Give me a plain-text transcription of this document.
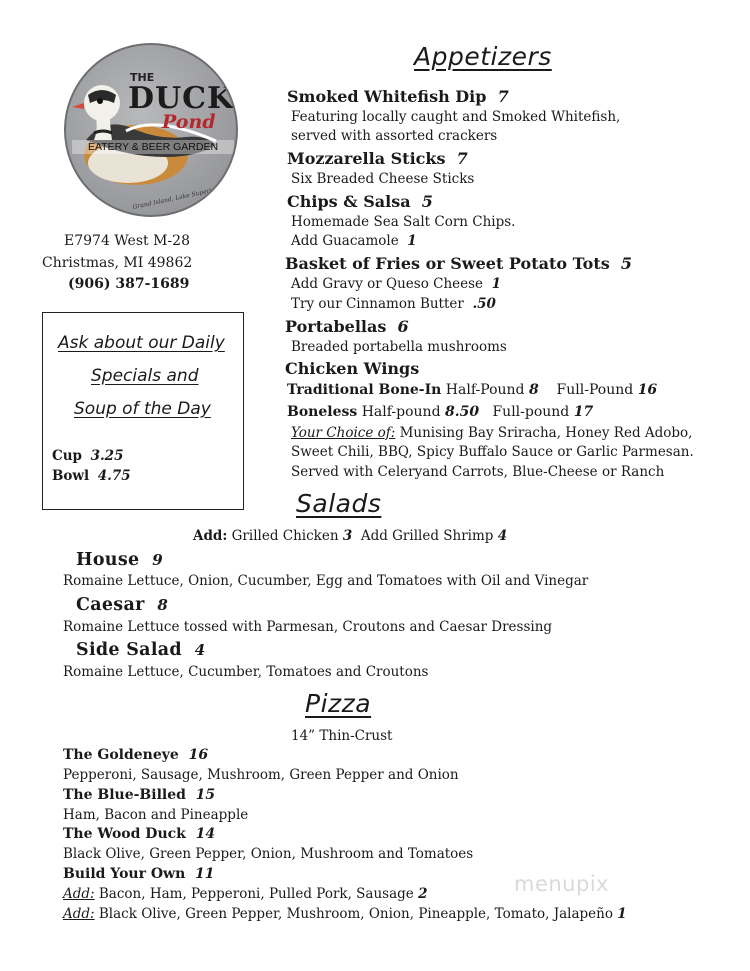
THE
DUCK
Pond
EATERY & BEER GARDEN
Grand Island, Lake Superior
E7974 West M-28
Christmas, MI 49862
(906) 387-1689
Ask about our Daily
Specials and
Soup of the Day
Cup 3.25
Bowl 4.75
Appetizers
Smoked Whitefish Dip 7
Featuring locally caught and Smoked Whitefish,
served with assorted crackers
Mozzarella Sticks 7
Six Breaded Cheese Sticks
Chips & Salsa 5
Homemade Sea Salt Corn Chips.
Add Guacamole 1
Basket of Fries or Sweet Potato Tots 5
Add Gravy or Queso Cheese 1
Try our Cinnamon Butter .50
Portabellas 6
Breaded portabella mushrooms
Chicken Wings
Traditional Bone-In Half-Pound 8 Full-Pound 16
Boneless Half-pound 8.50 Full-pound 17
Your Choice of: Munising Bay Sriracha, Honey Red Adobo,
Sweet Chili, BBQ, Spicy Buffalo Sauce or Garlic Parmesan.
Served with Celeryand Carrots, Blue-Cheese or Ranch
Salads
Add: Grilled Chicken 3 Add Grilled Shrimp 4
House 9
Romaine Lettuce, Onion, Cucumber, Egg and Tomatoes with Oil and Vinegar
Caesar 8
Romaine Lettuce tossed with Parmesan, Croutons and Caesar Dressing
Side Salad 4
Romaine Lettuce, Cucumber, Tomatoes and Croutons
Pizza
14” Thin-Crust
The Goldeneye 16
Pepperoni, Sausage, Mushroom, Green Pepper and Onion
The Blue-Billed 15
Ham, Bacon and Pineapple
The Wood Duck 14
Black Olive, Green Pepper, Onion, Mushroom and Tomatoes
Build Your Own 11
Add: Bacon, Ham, Pepperoni, Pulled Pork, Sausage 2
Add: Black Olive, Green Pepper, Mushroom, Onion, Pineapple, Tomato, Jalapeño 1
menupix
